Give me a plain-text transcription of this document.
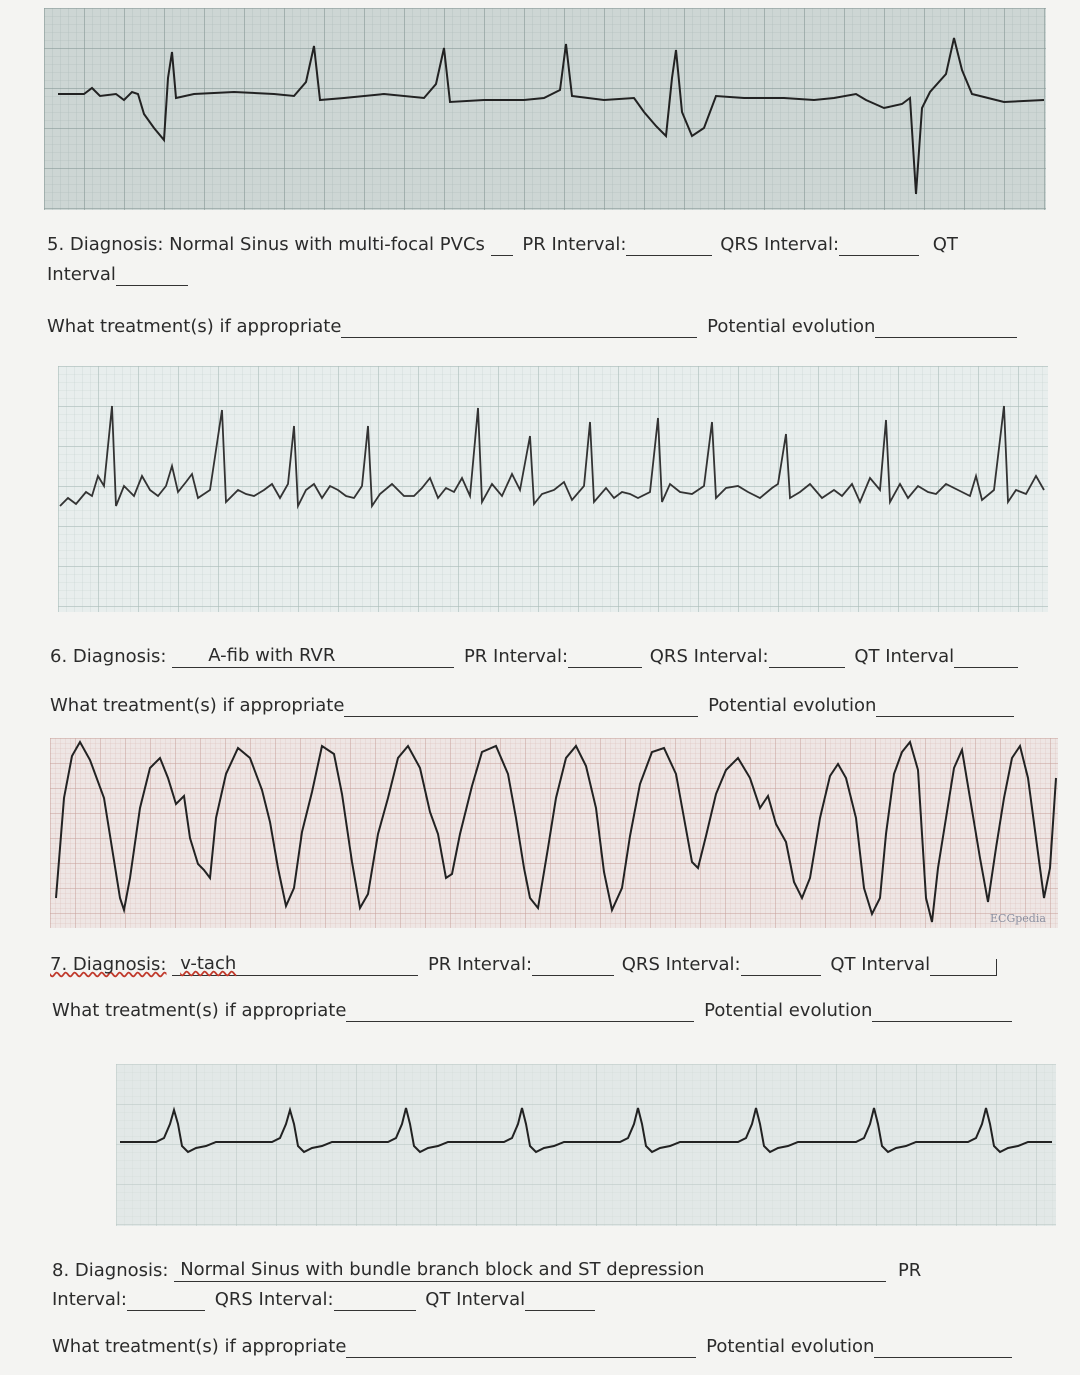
5. Diagnosis: Normal Sinus with multi-focal PVCs PR Interval:	QRS Interval:	QT
Interval
What treatment(s) if appropriate	Potential evolution
6. Diagnosis: A-fib with RVR	PR Interval:	QRS Interval:	QT Interval
What treatment(s) if appropriate	Potential evolution
ECGpedia
7. Diagnosis: v-tach	PR Interval:	QRS Interval:	QT Interval
What treatment(s) if appropriate	Potential evolution
8. Diagnosis: Normal Sinus with bundle branch block and ST depression	PR
Interval:	QRS Interval:	QT Interval
What treatment(s) if appropriate	Potential evolution
